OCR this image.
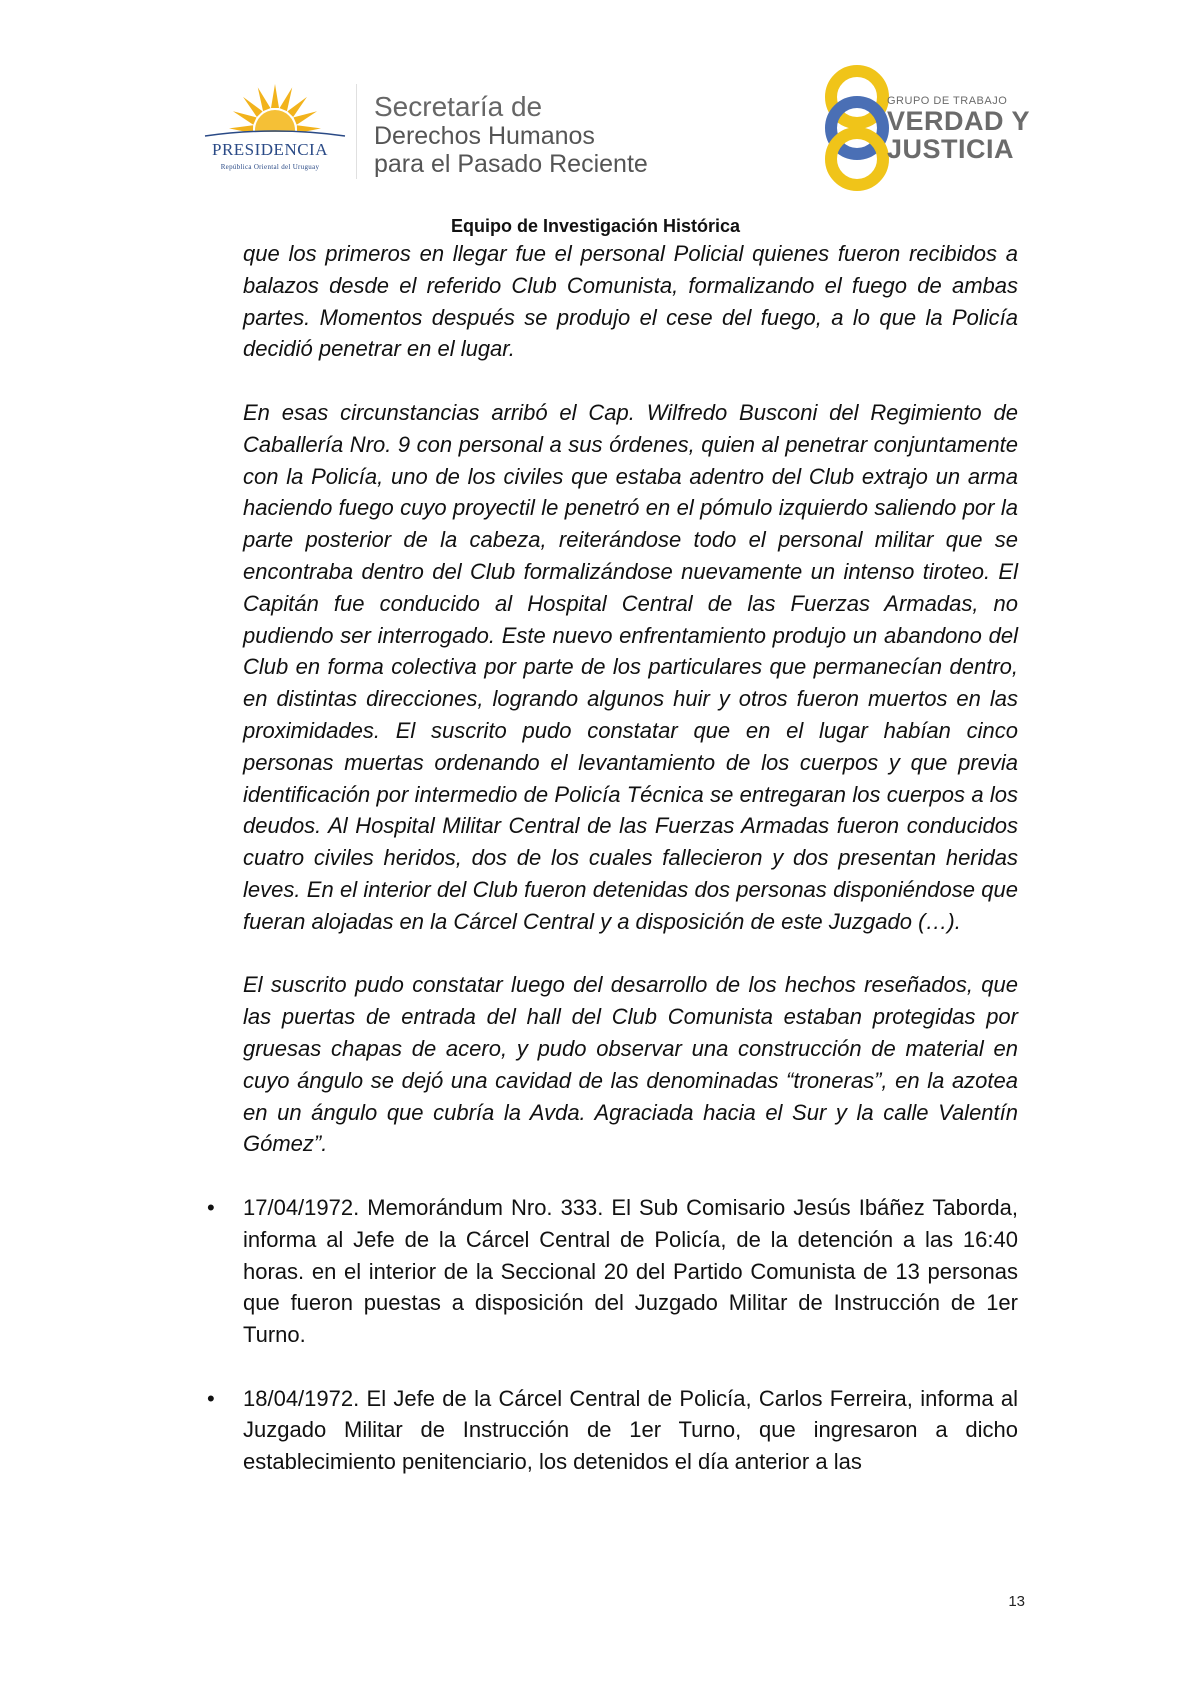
PRESIDENCIA
República Oriental del Uruguay
Secretaría de
Derechos Humanos
para el Pasado Reciente
GRUPO DE TRABAJO
VERDAD Y
JUSTICIA
Equipo de Investigación Histórica

que los primeros en llegar fue el personal Policial quienes fueron recibidos a balazos desde el referido Club Comunista, formalizando el fuego de ambas partes. Momentos después se produjo el cese del fuego, a lo que la Policía decidió penetrar en el lugar.

En esas circunstancias arribó el Cap. Wilfredo Busconi del Regimiento de Caballería Nro. 9 con personal a sus órdenes, quien al penetrar conjuntamente con la Policía, uno de los civiles que estaba adentro del Club extrajo un arma haciendo fuego cuyo proyectil le penetró en el pómulo izquierdo saliendo por la parte posterior de la cabeza, reiterándose todo el personal militar que se encontraba dentro del Club formalizándose nuevamente un intenso tiroteo. El Capitán fue conducido al Hospital Central de las Fuerzas Armadas, no pudiendo ser interrogado. Este nuevo enfrentamiento produjo un abandono del Club en forma colectiva por parte de los particulares que permanecían dentro, en distintas direcciones, logrando algunos huir y otros fueron muertos en las proximidades. El suscrito pudo constatar que en el lugar habían cinco personas muertas ordenando el levantamiento de los cuerpos y que previa identificación por intermedio de Policía Técnica se entregaran los cuerpos a los deudos. Al Hospital Militar Central de las Fuerzas Armadas fueron conducidos cuatro civiles heridos, dos de los cuales fallecieron y dos presentan heridas leves. En el interior del Club fueron detenidas dos personas disponiéndose que fueran alojadas en la Cárcel Central y a disposición de este Juzgado (…).

El suscrito pudo constatar luego del desarrollo de los hechos reseñados, que las puertas de entrada del hall del Club Comunista estaban protegidas por gruesas chapas de acero, y pudo observar una construcción de material en cuyo ángulo se dejó una cavidad de las denominadas “troneras”, en la azotea en un ángulo que cubría la Avda. Agraciada hacia el Sur y la calle Valentín Gómez”.

• 17/04/1972. Memorándum Nro. 333. El Sub Comisario Jesús Ibáñez Taborda, informa al Jefe de la Cárcel Central de Policía, de la detención a las 16:40 horas. en el interior de la Seccional 20 del Partido Comunista de 13 personas que fueron puestas a disposición del Juzgado Militar de Instrucción de 1er Turno.

• 18/04/1972. El Jefe de la Cárcel Central de Policía, Carlos Ferreira, informa al Juzgado Militar de Instrucción de 1er Turno, que ingresaron a dicho establecimiento penitenciario, los detenidos el día anterior a las

13
